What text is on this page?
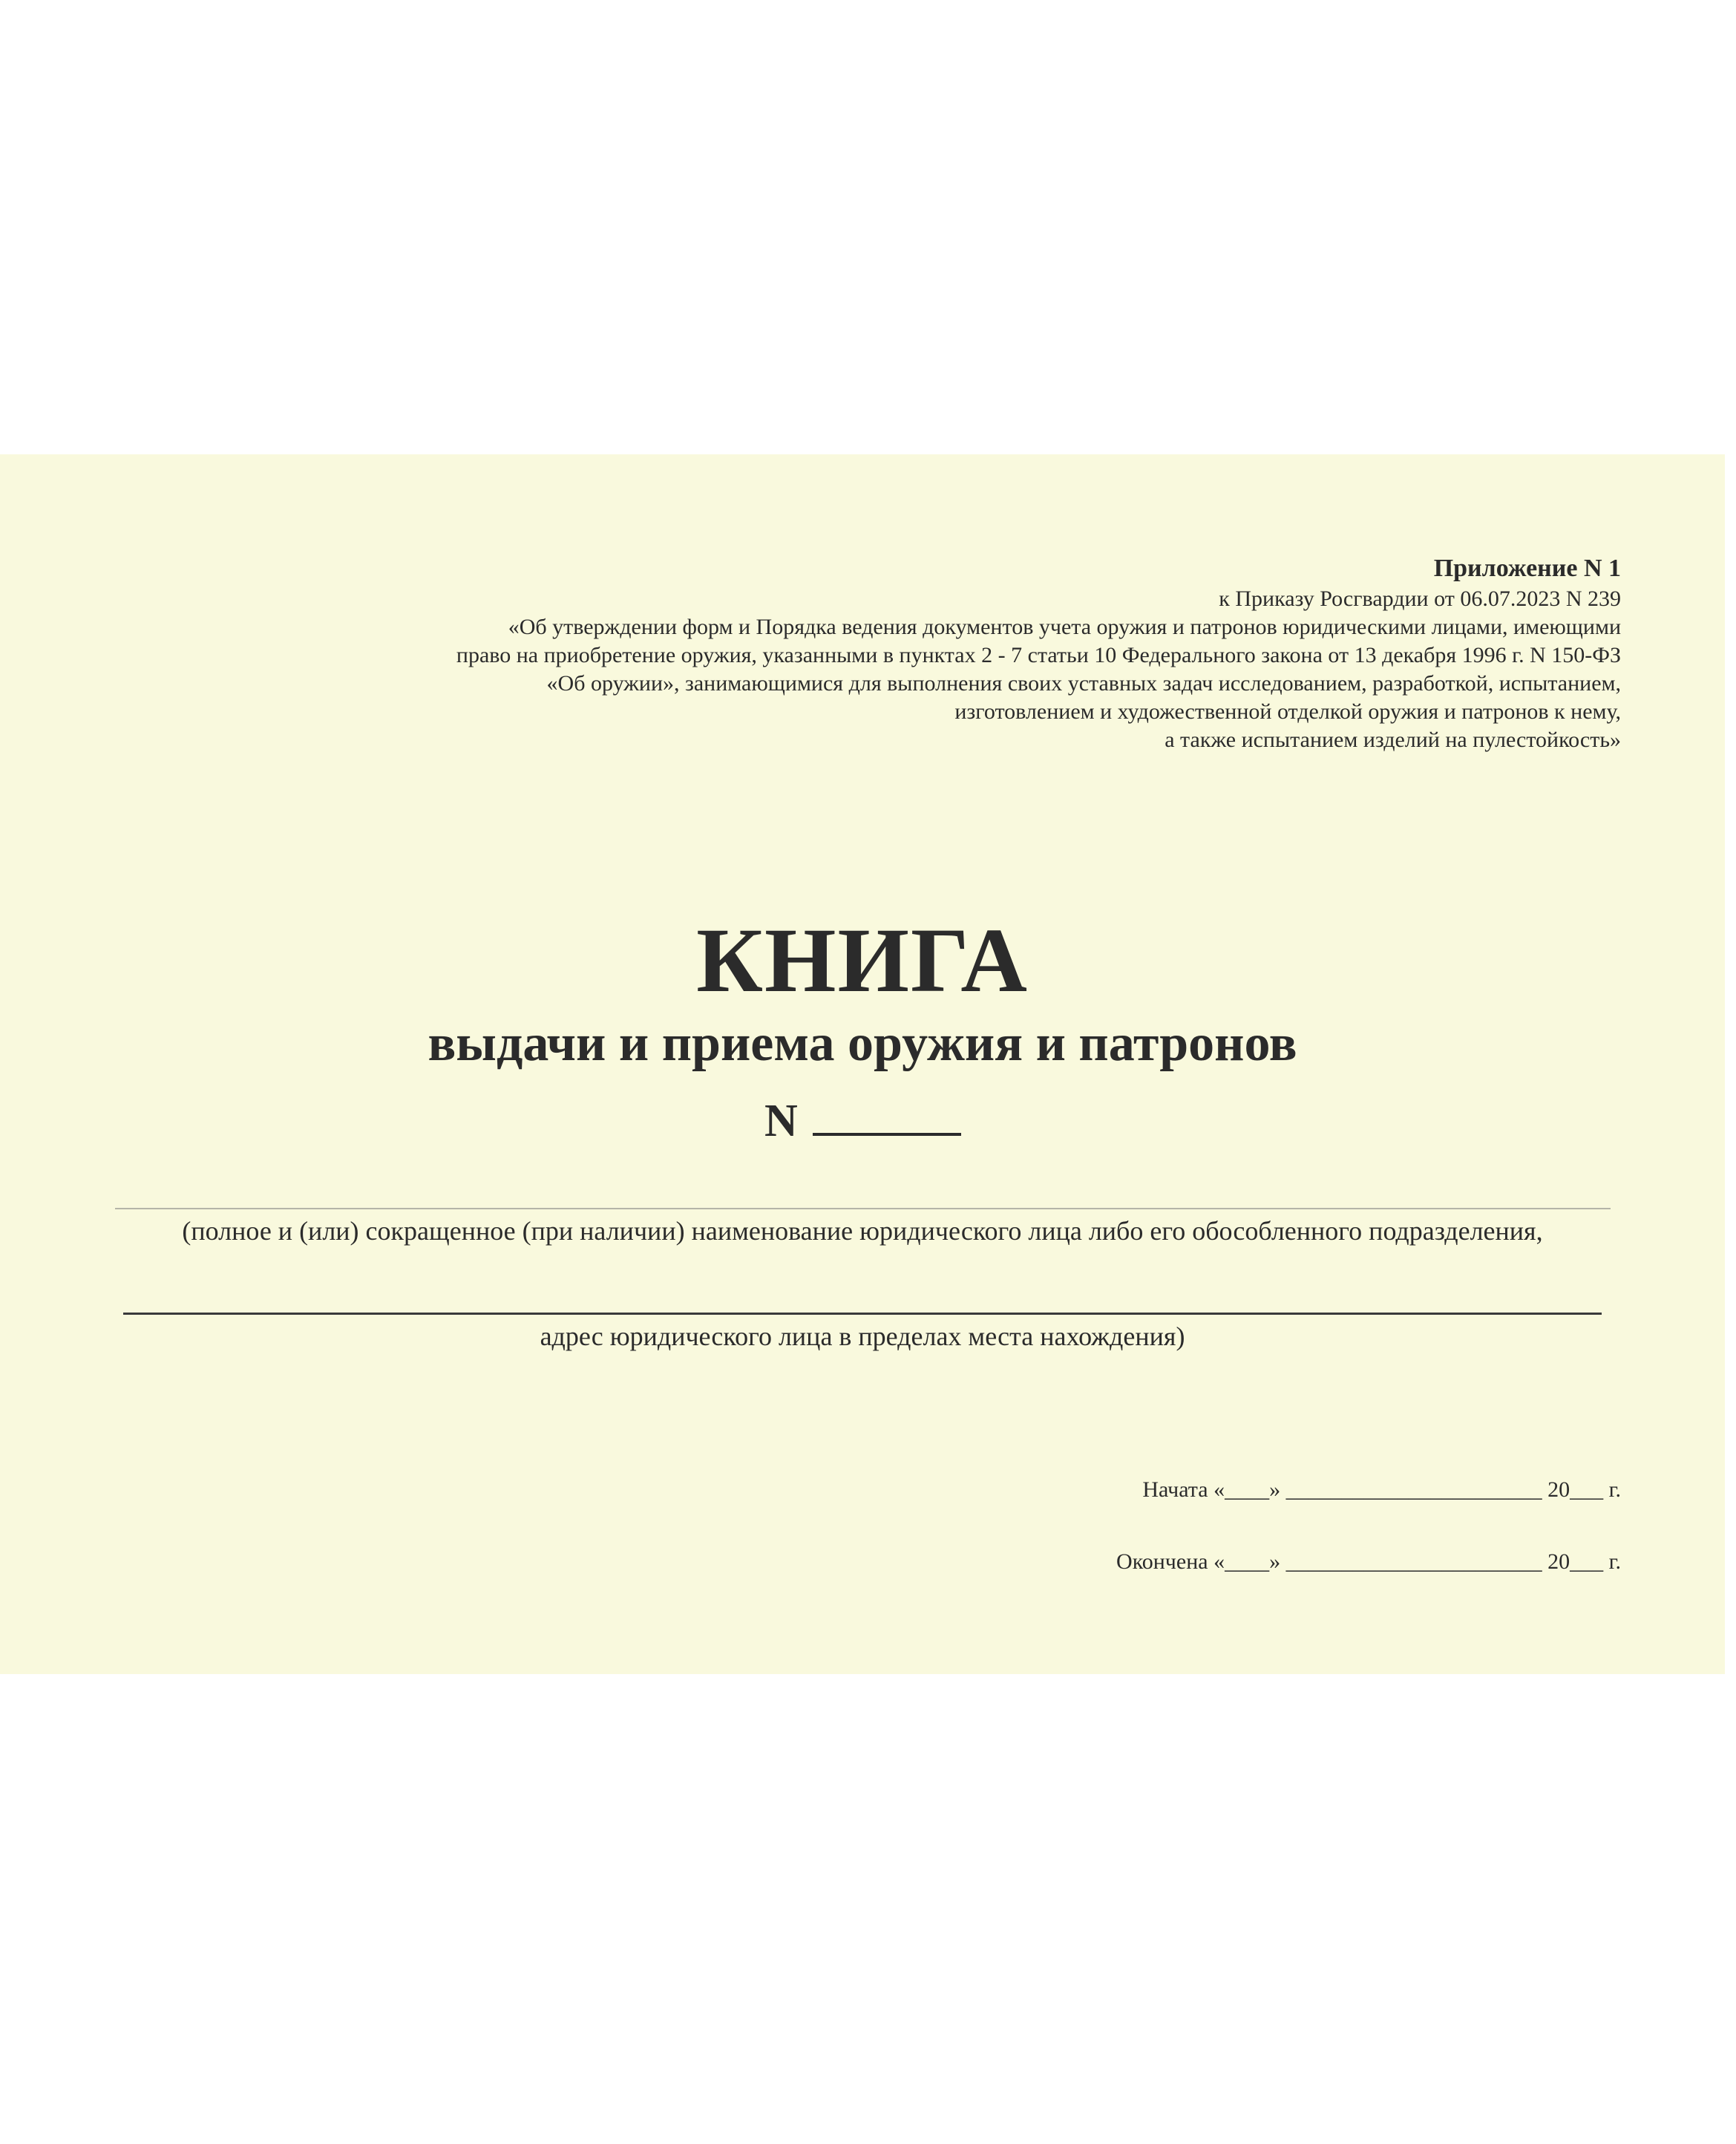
Приложение N 1

к Приказу Росгвардии от 06.07.2023 N 239

«Об утверждении форм и Порядка ведения документов учета оружия и патронов юридическими лицами, имеющими

право на приобретение оружия, указанными в пунктах 2 - 7 статьи 10 Федерального закона от 13 декабря 1996 г. N 150-ФЗ

«Об оружии», занимающимися для выполнения своих уставных задач исследованием, разработкой, испытанием,

изготовлением и художественной отделкой оружия и патронов к нему,

а также испытанием изделий на пулестойкость»

КНИГА
выдачи и приема оружия и патронов
N

(полное и (или) сокращенное (при наличии) наименование юридического лица либо его обособленного подразделения,

адрес юридического лица в пределах места нахождения)

Начата «____» _______________________ 20___ г.
Окончена «____» _______________________ 20___ г.
